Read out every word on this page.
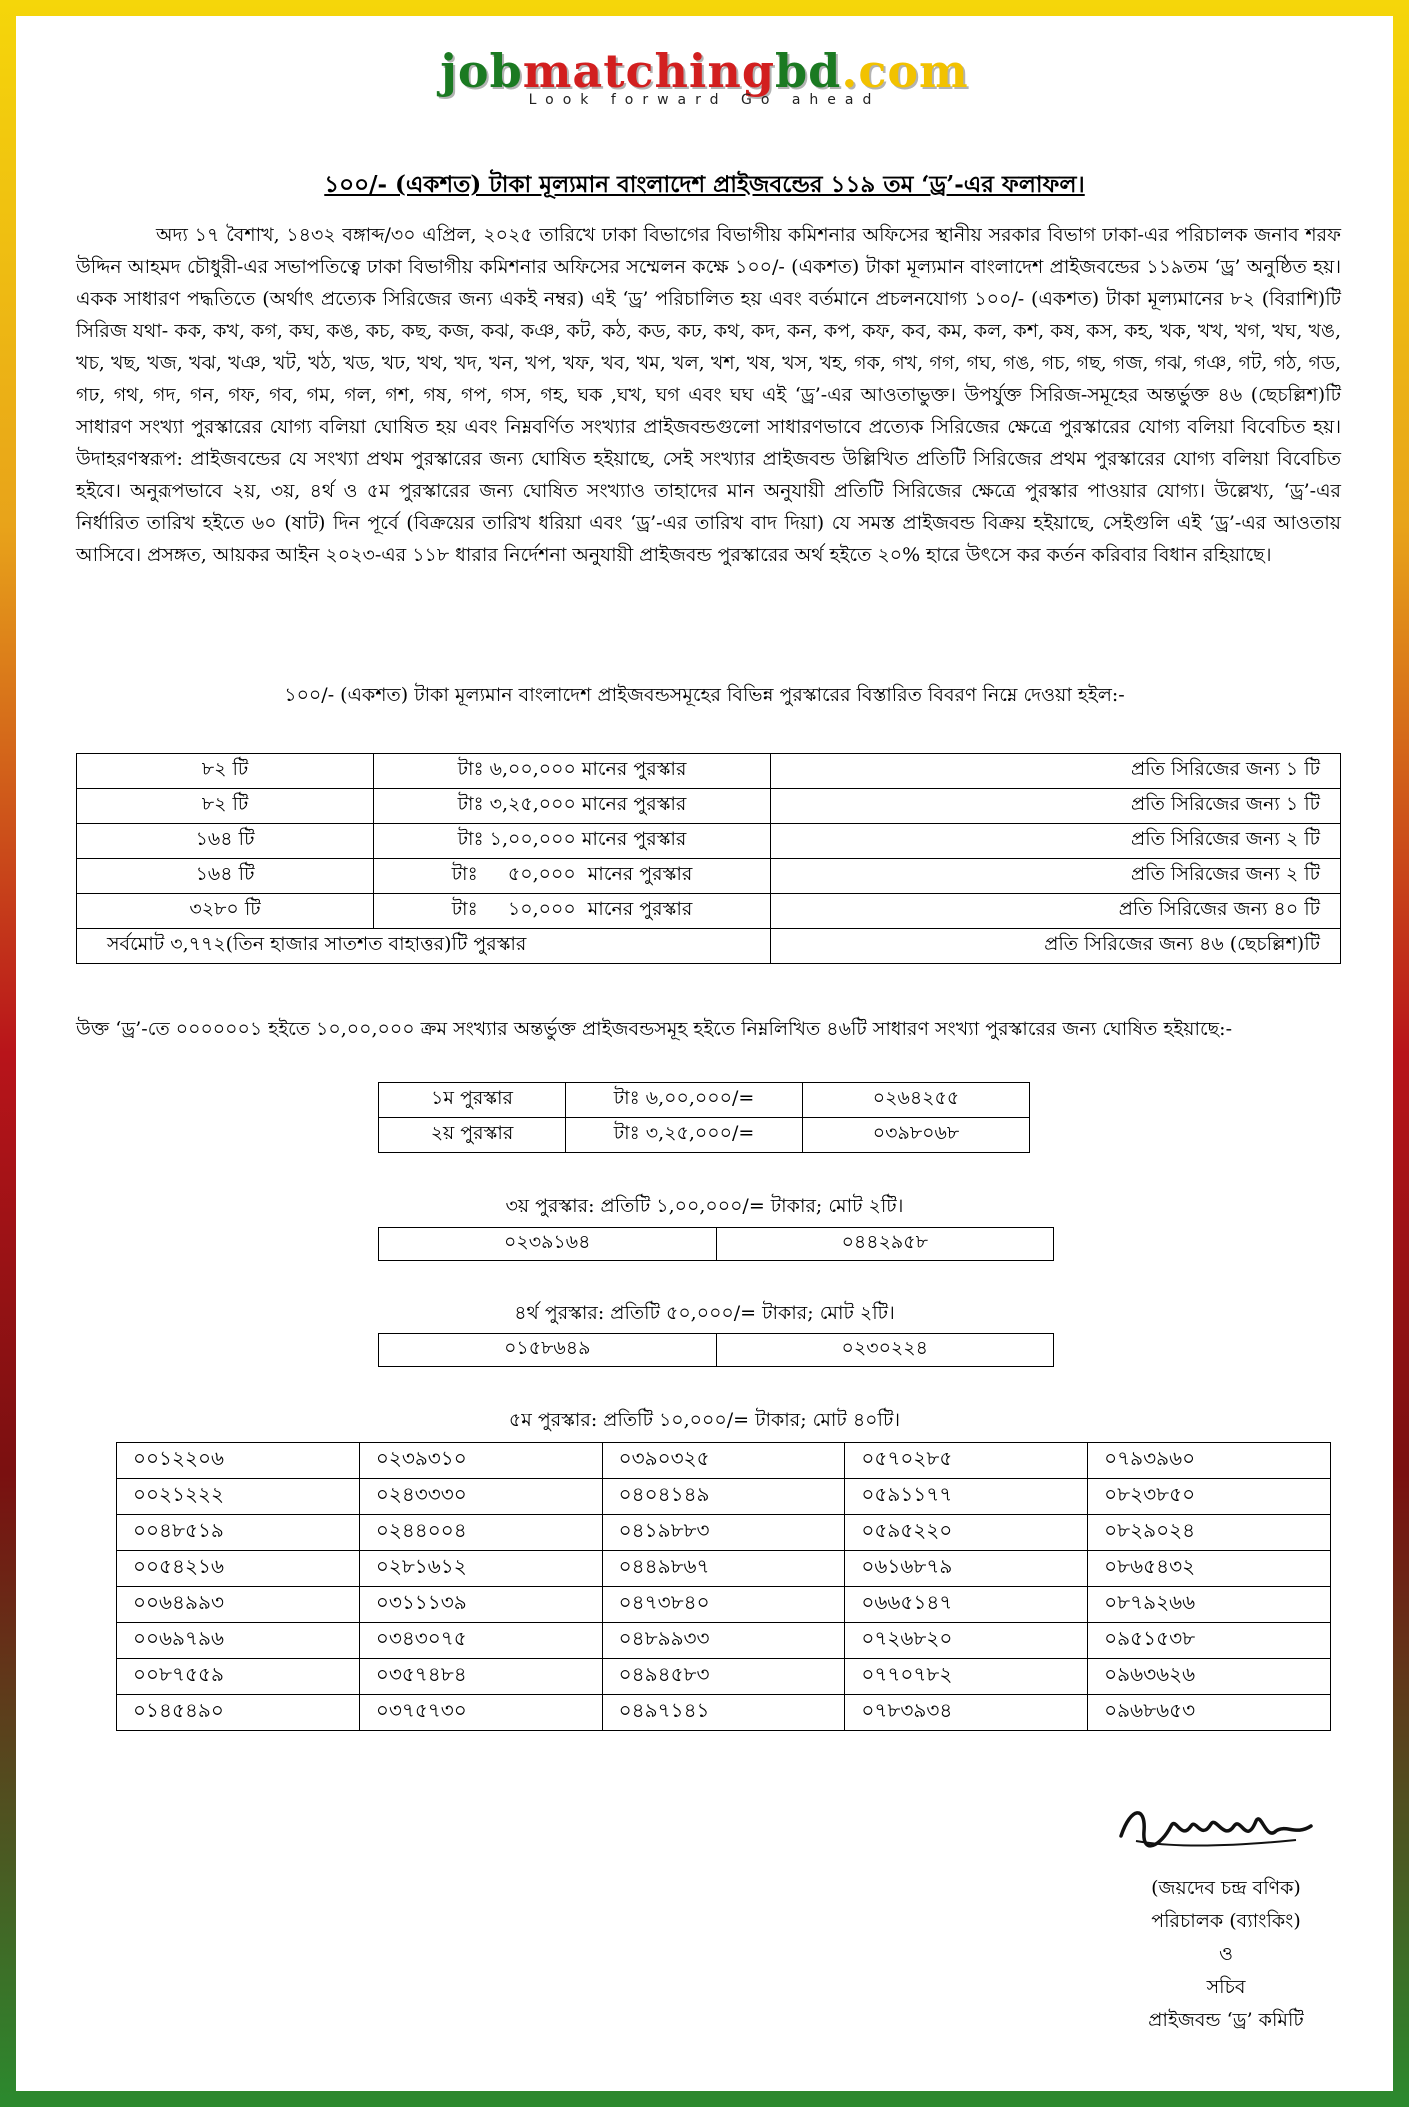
jobmatchingbd.com
Look forward Go ahead
১০০/- (একশত) টাকা মূল্যমান বাংলাদেশ প্রাইজবন্ডের ১১৯ তম ‘ড্র’-এর ফলাফল।
অদ্য ১৭ বৈশাখ, ১৪৩২ বঙ্গাব্দ/৩০ এপ্রিল, ২০২৫ তারিখে ঢাকা বিভাগের বিভাগীয় কমিশনার অফিসের স্থানীয় সরকার বিভাগ ঢাকা-এর পরিচালক জনাব শরফ উদ্দিন আহমদ চৌধুরী-এর সভাপতিত্বে ঢাকা বিভাগীয় কমিশনার অফিসের সম্মেলন কক্ষে ১০০/- (একশত) টাকা মূল্যমান বাংলাদেশ প্রাইজবন্ডের ১১৯তম ‘ড্র’ অনুষ্ঠিত হয়। একক সাধারণ পদ্ধতিতে (অর্থাৎ প্রত্যেক সিরিজের জন্য একই নম্বর) এই ‘ড্র’ পরিচালিত হয় এবং বর্তমানে প্রচলনযোগ্য ১০০/- (একশত) টাকা মূল্যমানের ৮২ (বিরাশি)টি সিরিজ যথা- কক, কখ, কগ, কঘ, কঙ, কচ, কছ, কজ, কঝ, কঞ, কট, কঠ, কড, কঢ, কথ, কদ, কন, কপ, কফ, কব, কম, কল, কশ, কষ, কস, কহ, খক, খখ, খগ, খঘ, খঙ, খচ, খছ, খজ, খঝ, খঞ, খট, খঠ, খড, খঢ, খথ, খদ, খন, খপ, খফ, খব, খম, খল, খশ, খষ, খস, খহ, গক, গখ, গগ, গঘ, গঙ, গচ, গছ, গজ, গঝ, গঞ, গট, গঠ, গড, গঢ, গথ, গদ, গন, গফ, গব, গম, গল, গশ, গষ, গপ, গস, গহ, ঘক ,ঘখ, ঘগ এবং ঘঘ এই ‘ড্র’-এর আওতাভুক্ত। উপর্যুক্ত সিরিজ-সমূহের অন্তর্ভুক্ত ৪৬ (ছেচল্লিশ)টি সাধারণ সংখ্যা পুরস্কারের যোগ্য বলিয়া ঘোষিত হয় এবং নিম্নবর্ণিত সংখ্যার প্রাইজবন্ডগুলো সাধারণভাবে প্রত্যেক সিরিজের ক্ষেত্রে পুরস্কারের যোগ্য বলিয়া বিবেচিত হয়। উদাহরণস্বরূপ: প্রাইজবন্ডের যে সংখ্যা প্রথম পুরস্কারের জন্য ঘোষিত হইয়াছে, সেই সংখ্যার প্রাইজবন্ড উল্লিখিত প্রতিটি সিরিজের প্রথম পুরস্কারের যোগ্য বলিয়া বিবেচিত হইবে। অনুরূপভাবে ২য়, ৩য়, ৪র্থ ও ৫ম পুরস্কারের জন্য ঘোষিত সংখ্যাও তাহাদের মান অনুযায়ী প্রতিটি সিরিজের ক্ষেত্রে পুরস্কার পাওয়ার যোগ্য। উল্লেখ্য, ‘ড্র’-এর নির্ধারিত তারিখ হইতে ৬০ (ষাট) দিন পূর্বে (বিক্রয়ের তারিখ ধরিয়া এবং ‘ড্র’-এর তারিখ বাদ দিয়া) যে সমস্ত প্রাইজবন্ড বিক্রয় হইয়াছে, সেইগুলি এই ‘ড্র’-এর আওতায় আসিবে। প্রসঙ্গত, আয়কর আইন ২০২৩-এর ১১৮ ধারার নির্দেশনা অনুযায়ী প্রাইজবন্ড পুরস্কারের অর্থ হইতে ২০% হারে উৎসে কর কর্তন করিবার বিধান রহিয়াছে।
১০০/- (একশত) টাকা মূল্যমান বাংলাদেশ প্রাইজবন্ডসমূহের বিভিন্ন পুরস্কারের বিস্তারিত বিবরণ নিম্নে দেওয়া হইল:-
৮২ টি	টাঃ ৬,০০,০০০ মানের পুরস্কার	প্রতি সিরিজের জন্য ১ টি
৮২ টি	টাঃ ৩,২৫,০০০ মানের পুরস্কার	প্রতি সিরিজের জন্য ১ টি
১৬৪ টি	টাঃ ১,০০,০০০ মানের পুরস্কার	প্রতি সিরিজের জন্য ২ টি
১৬৪ টি	টাঃ     ৫০,০০০  মানের পুরস্কার	প্রতি সিরিজের জন্য ২ টি
৩২৮০ টি	টাঃ     ১০,০০০  মানের পুরস্কার	প্রতি সিরিজের জন্য ৪০ টি
সর্বমোট ৩,৭৭২(তিন হাজার সাতশত বাহাত্তর)টি পুরস্কার		প্রতি সিরিজের জন্য ৪৬ (ছেচল্লিশ)টি
উক্ত ‘ড্র’-তে ০০০০০০১ হইতে ১০,০০,০০০ ক্রম সংখ্যার অন্তর্ভুক্ত প্রাইজবন্ডসমূহ হইতে নিম্নলিখিত ৪৬টি সাধারণ সংখ্যা পুরস্কারের জন্য ঘোষিত হইয়াছে:-
১ম পুরস্কার	টাঃ ৬,০০,০০০/=	০২৬৪২৫৫
২য় পুরস্কার	টাঃ ৩,২৫,০০০/=	০৩৯৮০৬৮
৩য় পুরস্কার: প্রতিটি ১,০০,০০০/= টাকার; মোট ২টি।
০২৩৯১৬৪	০৪৪২৯৫৮
৪র্থ পুরস্কার: প্রতিটি ৫০,০০০/= টাকার; মোট ২টি।
০১৫৮৬৪৯	০২৩০২২৪
৫ম পুরস্কার: প্রতিটি ১০,০০০/= টাকার; মোট ৪০টি।
০০১২২০৬	০২৩৯৩১০	০৩৯০৩২৫	০৫৭০২৮৫	০৭৯৩৯৬০
০০২১২২২	০২৪৩৩৩০	০৪০৪১৪৯	০৫৯১১৭৭	০৮২৩৮৫০
০০৪৮৫১৯	০২৪৪০০৪	০৪১৯৮৮৩	০৫৯৫২২০	০৮২৯০২৪
০০৫৪২১৬	০২৮১৬১২	০৪৪৯৮৬৭	০৬১৬৮৭৯	০৮৬৫৪৩২
০০৬৪৯৯৩	০৩১১১৩৯	০৪৭৩৮৪০	০৬৬৫১৪৭	০৮৭৯২৬৬
০০৬৯৭৯৬	০৩৪৩০৭৫	০৪৮৯৯৩৩	০৭২৬৮২০	০৯৫১৫৩৮
০০৮৭৫৫৯	০৩৫৭৪৮৪	০৪৯৪৫৮৩	০৭৭০৭৮২	০৯৬৩৬২৬
০১৪৫৪৯০	০৩৭৫৭৩০	০৪৯৭১৪১	০৭৮৩৯৩৪	০৯৬৮৬৫৩
(জয়দেব চন্দ্র বণিক)
পরিচালক (ব্যাংকিং)
ও
সচিব
প্রাইজবন্ড ‘ড্র’ কমিটি
